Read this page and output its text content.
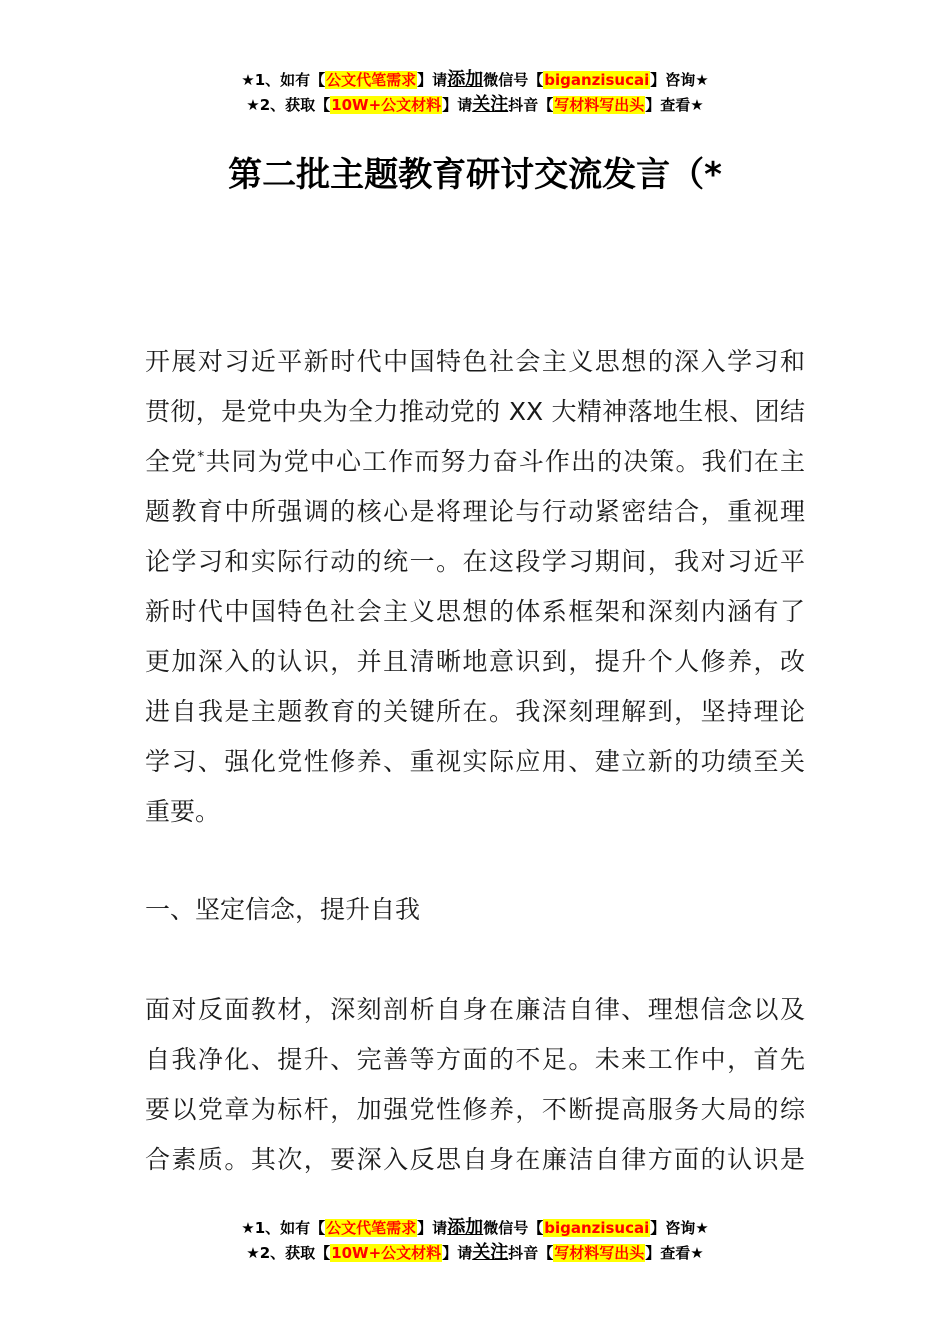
★1、如有【公文代笔需求】请添加微信号【biganzisucai】咨询★
★2、获取【10W+公文材料】请关注抖音【写材料写出头】查看★
第二批主题教育研讨交流发言（*
开展对习近平新时代中国特色社会主义思想的深入学习和
贯彻，是党中央为全力推动党的 XX 大精神落地生根、团结
全党*共同为党中心工作而努力奋斗作出的决策。我们在主
题教育中所强调的核心是将理论与行动紧密结合，重视理
论学习和实际行动的统一。在这段学习期间，我对习近平
新时代中国特色社会主义思想的体系框架和深刻内涵有了
更加深入的认识，并且清晰地意识到，提升个人修养，改
进自我是主题教育的关键所在。我深刻理解到，坚持理论
学习、强化党性修养、重视实际应用、建立新的功绩至关
重要。
一、坚定信念，提升自我
面对反面教材，深刻剖析自身在廉洁自律、理想信念以及
自我净化、提升、完善等方面的不足。未来工作中，首先
要以党章为标杆，加强党性修养，不断提高服务大局的综
合素质。其次，要深入反思自身在廉洁自律方面的认识是
★1、如有【公文代笔需求】请添加微信号【biganzisucai】咨询★
★2、获取【10W+公文材料】请关注抖音【写材料写出头】查看★
